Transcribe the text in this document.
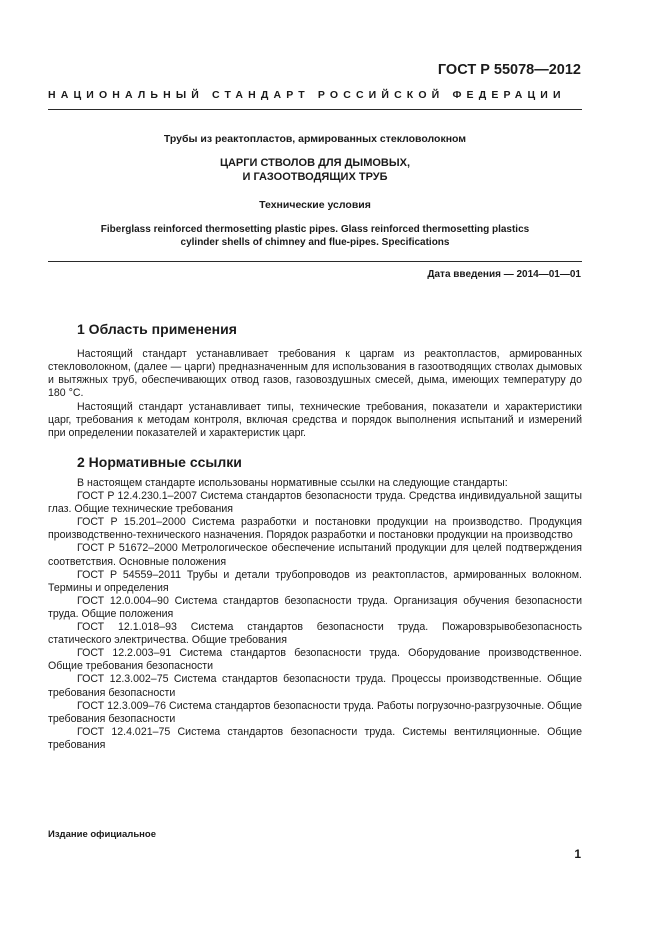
ГОСТ Р 55078—2012
НАЦИОНАЛЬНЫЙ СТАНДАРТ РОССИЙСКОЙ ФЕДЕРАЦИИ
Трубы из реактопластов, армированных стекловолокном
ЦАРГИ СТВОЛОВ ДЛЯ ДЫМОВЫХ,
И ГАЗООТВОДЯЩИХ ТРУБ
Технические условия
Fiberglass reinforced thermosetting plastic pipes. Glass reinforced thermosetting plastics
cylinder shells of chimney and flue-pipes. Specifications
Дата введения — 2014—01—01
1 Область применения

Настоящий стандарт устанавливает требования к царгам из реактопластов, армированных стекловолокном, (далее — царги) предназначенным для использования в газоотводящих стволах дымовых и вытяжных труб, обеспечивающих отвод газов, газовоздушных смесей, дыма, имеющих температуру до 180 °С.

Настоящий стандарт устанавливает типы, технические требования, показатели и характеристики царг, требования к методам контроля, включая средства и порядок выполнения испытаний и измерений при определении показателей и характеристик царг.

2 Нормативные ссылки
В настоящем стандарте использованы нормативные ссылки на следующие стандарты:
ГОСТ Р 12.4.230.1–2007 Система стандартов безопасности труда. Средства индивидуальной защиты глаз. Общие технические требования
ГОСТ Р 15.201–2000 Система разработки и постановки продукции на производство. Продукция производственно-технического назначения. Порядок разработки и постановки продукции на производство
ГОСТ Р 51672–2000 Метрологическое обеспечение испытаний продукции для целей подтверждения соответствия. Основные положения
ГОСТ Р 54559–2011 Трубы и детали трубопроводов из реактопластов, армированных волокном. Термины и определения
ГОСТ 12.0.004–90 Система стандартов безопасности труда. Организация обучения безопасности труда. Общие положения
ГОСТ 12.1.018–93 Система стандартов безопасности труда. Пожаровзрывобезопасность статического электричества. Общие требования
ГОСТ 12.2.003–91 Система стандартов безопасности труда. Оборудование производственное. Общие требования безопасности
ГОСТ 12.3.002–75 Система стандартов безопасности труда. Процессы производственные. Общие требования безопасности
ГОСТ 12.3.009–76 Система стандартов безопасности труда. Работы погрузочно-разгрузочные. Общие требования безопасности
ГОСТ 12.4.021–75 Система стандартов безопасности труда. Системы вентиляционные. Общие требования
Издание официальное
1
